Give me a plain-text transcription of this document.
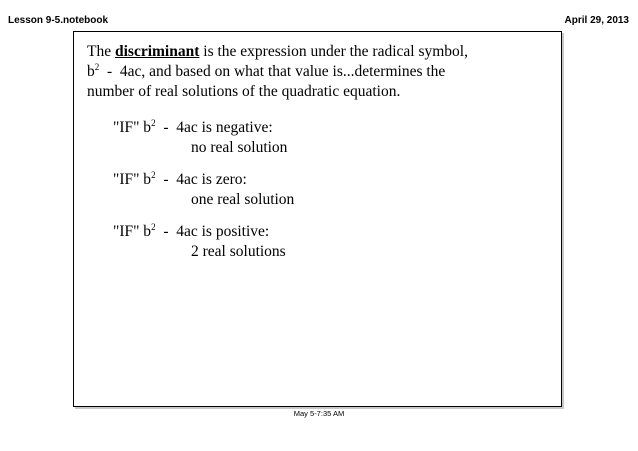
Lesson 9-5.notebook	April 29, 2013
The discriminant is the expression under the radical symbol,
$b^2 - 4ac$, and based on what that value is...determines the
number of real solutions of the quadratic equation.
"IF" $b^2 - 4ac$ is negative:
no real solution
"IF" $b^2 - 4ac$ is zero:
one real solution
"IF" $b^2 - 4ac$ is positive:
2 real solutions
May 5-7:35 AM
